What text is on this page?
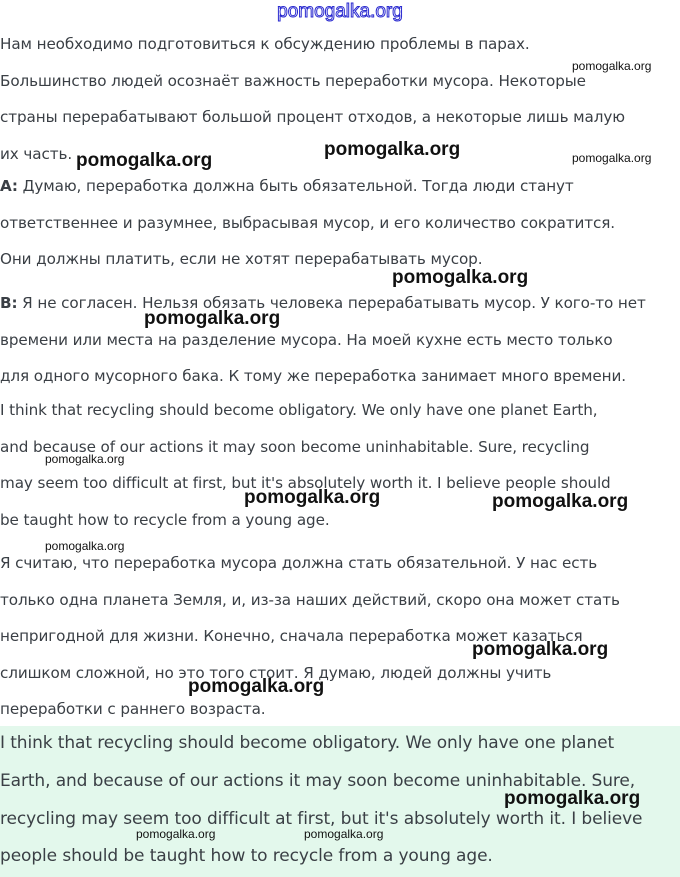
pomogalka.org
Нам необходимо подготовиться к обсуждению проблемы в парах.
Большинство людей осознаёт важность переработки мусора. Некоторые
страны перерабатывают большой процент отходов, а некоторые лишь малую
их часть.
A: Думаю, переработка должна быть обязательной. Тогда люди станут
ответственнее и разумнее, выбрасывая мусор, и его количество сократится.
Они должны платить, если не хотят перерабатывать мусор.
B: Я не согласен. Нельзя обязать человека перерабатывать мусор. У кого-то нет
времени или места на разделение мусора. На моей кухне есть место только
для одного мусорного бака. К тому же переработка занимает много времени.
I think that recycling should become obligatory. We only have one planet Earth,
and because of our actions it may soon become uninhabitable. Sure, recycling
may seem too difficult at first, but it's absolutely worth it. I believe people should
be taught how to recycle from a young age.
Я считаю, что переработка мусора должна стать обязательной. У нас есть
только одна планета Земля, и, из-за наших действий, скоро она может стать
непригодной для жизни. Конечно, сначала переработка может казаться
слишком сложной, но это того стоит. Я думаю, людей должны учить
переработки с раннего возраста.
I think that recycling should become obligatory. We only have one planet
Earth, and because of our actions it may soon become uninhabitable. Sure,
recycling may seem too difficult at first, but it's absolutely worth it. I believe
people should be taught how to recycle from a young age.
pomogalka.org
pomogalka.org
pomogalka.org	pomogalka.org
pomogalka.org
pomogalka.org
pomogalka.org
pomogalka.org	pomogalka.org
pomogalka.org
pomogalka.org
pomogalka.org
pomogalka.org
pomogalka.org	pomogalka.org
